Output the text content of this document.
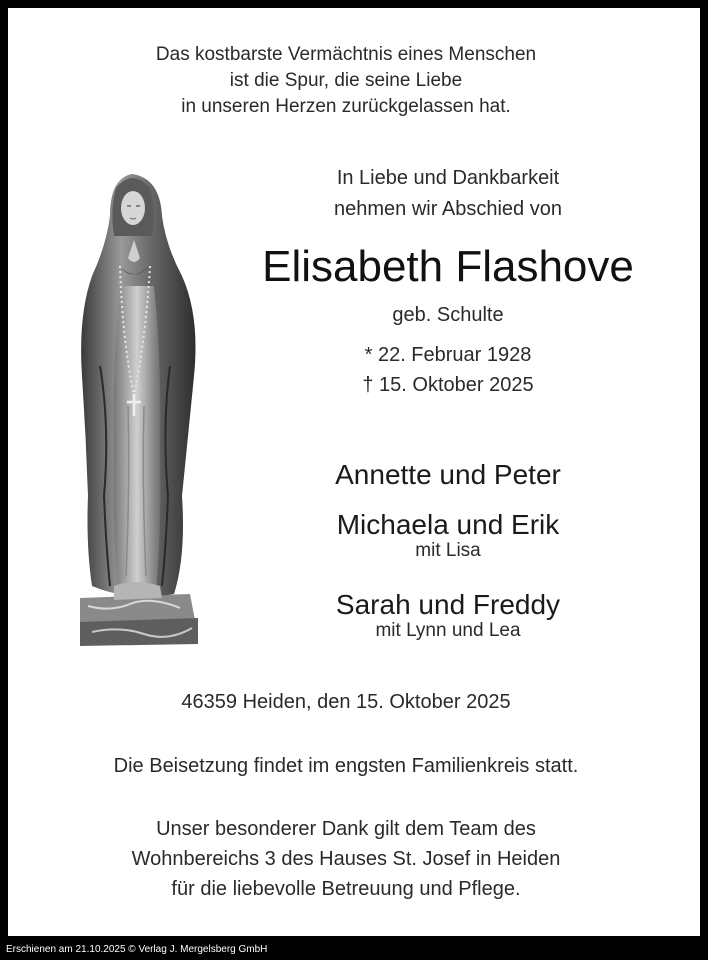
Das kostbarste Vermächtnis eines Menschen
ist die Spur, die seine Liebe
in unseren Herzen zurückgelassen hat.
In Liebe und Dankbarkeit
nehmen wir Abschied von
Elisabeth Flashove
geb. Schulte
* 22. Februar 1928
† 15. Oktober 2025
Annette und Peter
Michaela und Erik
mit Lisa
Sarah und Freddy
mit Lynn und Lea
46359 Heiden, den 15. Oktober 2025
Die Beisetzung findet im engsten Familienkreis statt.
Unser besonderer Dank gilt dem Team des
Wohnbereichs 3 des Hauses St. Josef in Heiden
für die liebevolle Betreuung und Pflege.
Erschienen am 21.10.2025 © Verlag J. Mergelsberg GmbH
